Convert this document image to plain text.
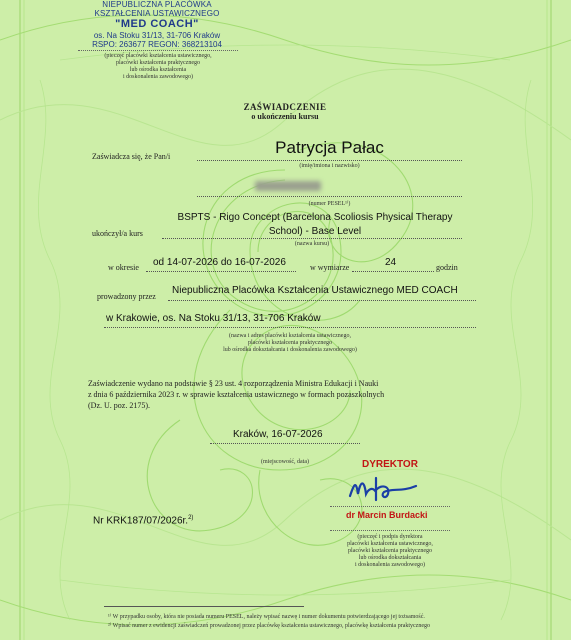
NIEPUBLICZNA PLACÓWKA
KSZTAŁCENIA USTAWICZNEGO
"MED COACH"
os. Na Stoku 31/13, 31-706 Kraków
RSPO: 263677 REGON: 368213104
(pieczęć placówki kształcenia ustawicznego,
placówki kształcenia praktycznego
lub ośrodka kształcenia
i doskonalenia zawodowego)
ZAŚWIADCZENIE
o ukończeniu kursu
Zaświadcza się, że Pan/i	Patrycja Pałac
(imię/imiona i nazwisko)
(numer PESEL¹⁾)
BSPTS - Rigo Concept (Barcelona Scoliosis Physical Therapy
School) - Base Level
ukończył/a kurs
(nazwa kursu)
w okresie od 14-07-2026 do 16-07-2026	w wymiarze	24	godzin
prowadzony przez
Niepubliczna Placówka Kształcenia Ustawicznego MED COACH
w Krakowie, os. Na Stoku 31/13, 31-706 Kraków
(nazwa i adres placówki kształcenia ustawicznego,
placówki kształcenia praktycznego
lub ośrodka dokształcania i doskonalenia zawodowego)
Zaświadczenie wydano na podstawie § 23 ust. 4 rozporządzenia Ministra Edukacji i Nauki
z dnia 6 października 2023 r. w sprawie kształcenia ustawicznego w formach pozaszkolnych
(Dz. U. poz. 2175).
Kraków, 16-07-2026
(miejscowość, data)	DYREKTOR
dr Marcin Burdacki
Nr KRK187/07/2026r.$^{2)}$
(pieczęć i podpis dyrektora
placówki kształcenia ustawicznego,
placówki kształcenia praktycznego
lub ośrodka dokształcania
i doskonalenia zawodowego)
¹⁾ W przypadku osoby, która nie posiada numeru PESEL, należy wpisać nazwę i numer dokumentu potwierdzającego jej tożsamość.
²⁾ Wpisać numer z ewidencji zaświadczeń prowadzonej przez placówkę kształcenia ustawicznego, placówkę kształcenia praktycznego
